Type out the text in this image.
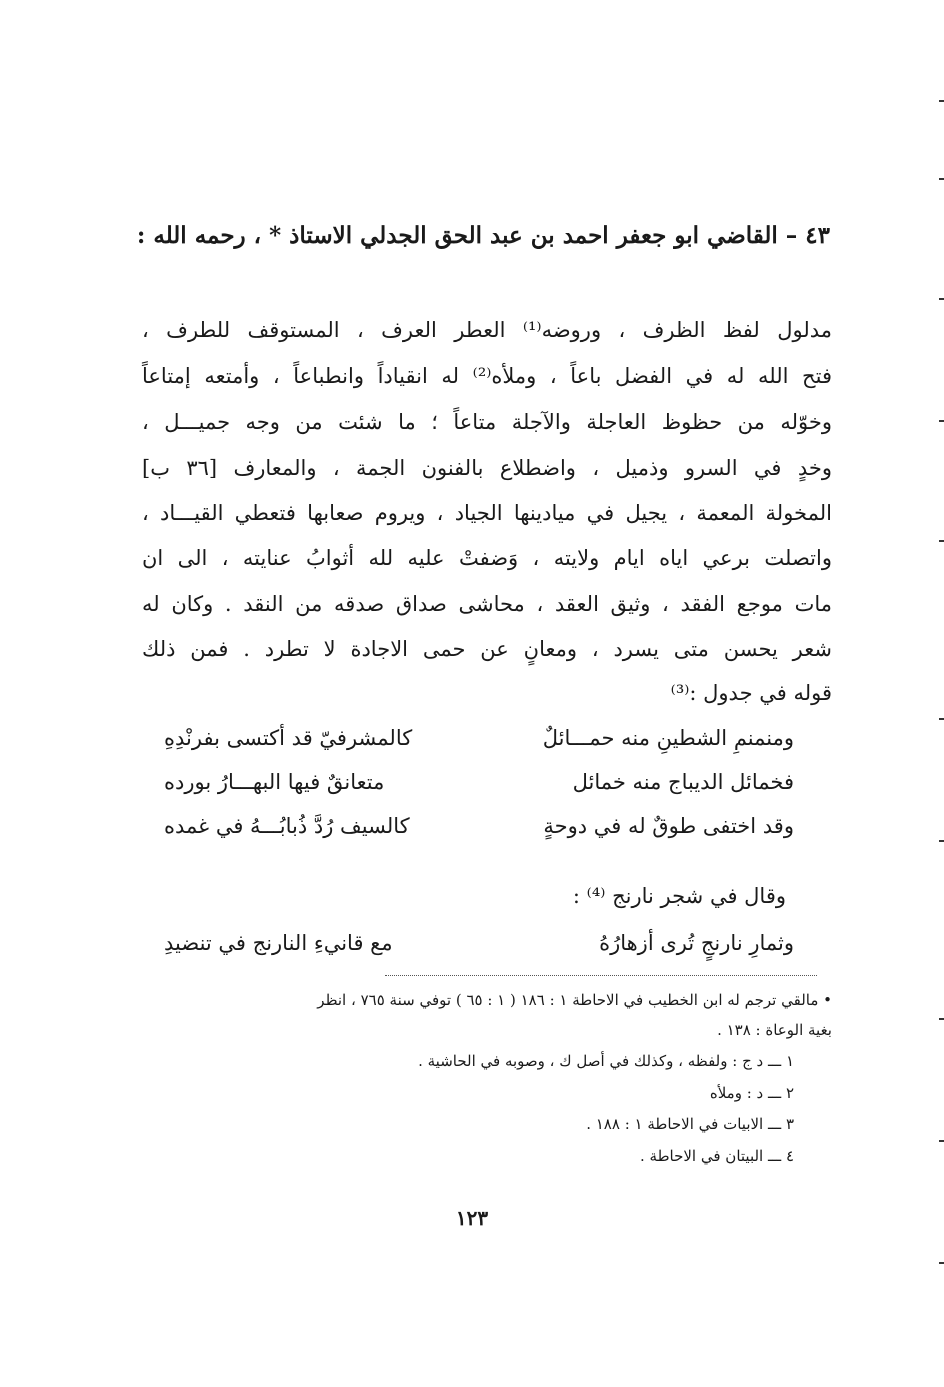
٤٣ – القاضي ابو جعفر احمد بن عبد الحق الجدلي الاستاذ * ، رحمه الله :
مدلول لفظ الظرف ، وروضه⁽¹⁾ العطر العرف ، المستوقف للطرف ،
فتح الله له في الفضل باعاً ، وملأه⁽²⁾ له انقياداً وانطباعاً ، وأمتعه إمتاعاً
وخوّله من حظوظ العاجلة والآجلة متاعاً ؛ ما شئت من وجه جميـــل ،
وخدٍ في السرو وذميل ، واضطلاع بالفنون الجمة ، والمعارف [٣٦ ب]
المخولة المعمة ، يجيل في ميادينها الجياد ، ويروم صعابها فتعطي القيـــاد ،
واتصلت برعي اياه ايام ولايته ، وَضفتْ عليه لله أثوابُ عنايته ، الى ان
مات موجع الفقد ، وثيق العقد ، محاشى صداق صدقه من النقد . وكان له
شعر يحسن متى يسرد ، ومعانٍ عن حمى الاجادة لا تطرد . فمن ذلك
قوله في جدول :⁽³⁾
ومنمنمِ الشطينِ منه حمـــائلٌ
كالمشرفيّ قد أكتسى بفرنْدِهِ
فخمائل الديباج منه خمائل
متعانقٌ فيها البهـــارُ بورده
وقد اختفى طوقٌ له في دوحةٍ
كالسيف رُدَّ ذُبابُـــهُ في غمده
وقال في شجر نارنج ⁽⁴⁾ :
وثمارِ نارنجٍ تُرى أزهارُهُ
مع قانيءِ النارنج في تنضيدِ
• مالقي ترجم له ابن الخطيب في الاحاطة ١ : ١٨٦ ( ١ : ٦٥ ) توفي سنة ٧٦٥ ، انظر
بغية الوعاة : ١٣٨ .
١ ـــ د ج : ولفظه ، وكذلك في أصل ك ، وصوبه في الحاشية .
٢ ـــ د : وملأه
٣ ـــ الابيات في الاحاطة ١ : ١٨٨ .
٤ ـــ البيتان في الاحاطة .
١٢٣
